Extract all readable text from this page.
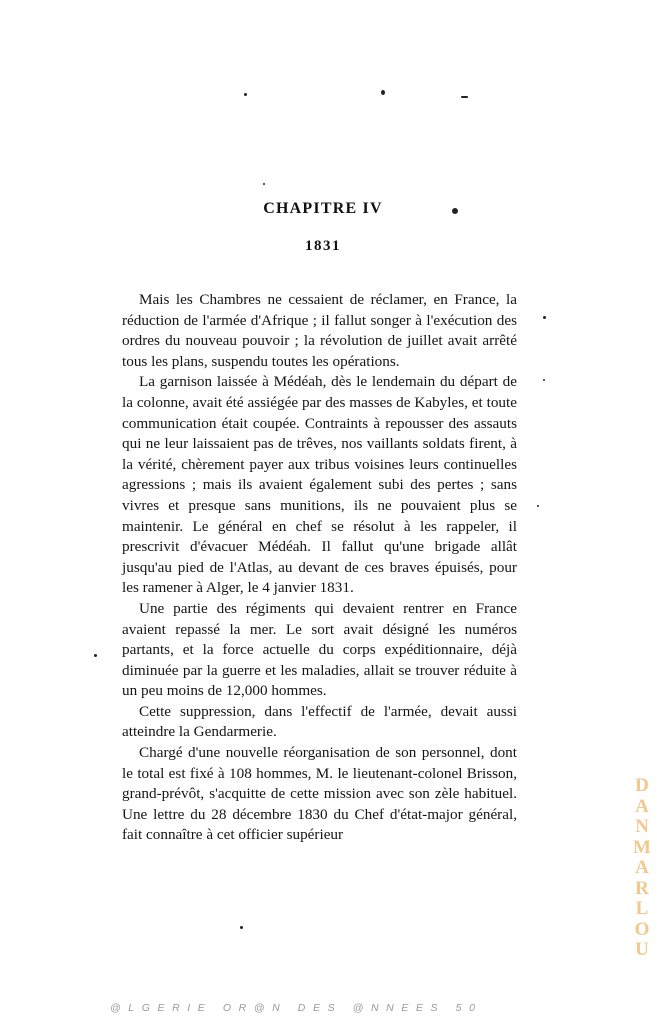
CHAPITRE IV
1831

Mais les Chambres ne cessaient de réclamer, en France, la réduction de l'armée d'Afrique ; il fallut songer à l'exécution des ordres du nouveau pouvoir ; la révolution de juillet avait arrêté tous les plans, suspendu toutes les opérations.

La garnison laissée à Médéah, dès le lendemain du départ de la colonne, avait été assiégée par des masses de Kabyles, et toute communication était coupée. Contraints à repousser des assauts qui ne leur laissaient pas de trêves, nos vaillants soldats firent, à la vérité, chèrement payer aux tribus voisines leurs continuelles agressions ; mais ils avaient également subi des pertes ; sans vivres et presque sans munitions, ils ne pouvaient plus se maintenir. Le général en chef se résolut à les rappeler, il prescrivit d'évacuer Médéah. Il fallut qu'une brigade allât jusqu'au pied de l'Atlas, au devant de ces braves épuisés, pour les ramener à Alger, le 4 janvier 1831.

Une partie des régiments qui devaient rentrer en France avaient repassé la mer. Le sort avait désigné les numéros partants, et la force actuelle du corps expéditionnaire, déjà diminuée par la guerre et les maladies, allait se trouver réduite à un peu moins de 12,000 hommes.

Cette suppression, dans l'effectif de l'armée, devait aussi atteindre la Gendarmerie.

Chargé d'une nouvelle réorganisation de son personnel, dont le total est fixé à 108 hommes, M. le lieutenant-colonel Brisson, grand-prévôt, s'acquitte de cette mission avec son zèle habituel. Une lettre du 28 décembre 1830 du Chef d'état-major général, fait connaître à cet officier supérieur

D
A
N
M
A
R
L
O
U
@LGERIE OR@N DES @NNEES 50
